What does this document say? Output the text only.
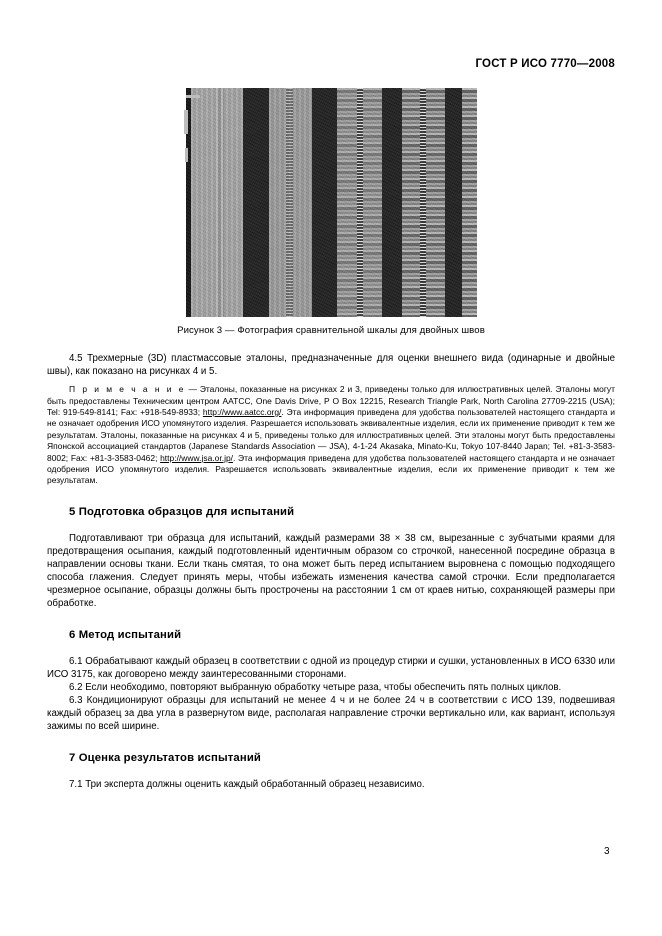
ГОСТ Р ИСО 7770—2008
Рисунок 3 — Фотография сравнительной шкалы для двойных швов

4.5 Трехмерные (3D) пластмассовые эталоны, предназначенные для оценки внешнего вида (одинарные и двойные швы), как показано на рисунках 4 и 5.

П р и м е ч а н и е — Эталоны, показанные на рисунках 2 и 3, приведены только для иллюстративных целей. Эталоны могут быть предоставлены Техническим центром AATCC, One Davis Drive, P O Box 12215, Research Triangle Park, North Carolina 27709-2215 (USA); Tel: 919-549-8141; Fax: +918-549-8933; http://www.aatcc.org/. Эта информация приведена для удобства пользователей настоящего стандарта и не означает одобрения ИСО упомянутого изделия. Разрешается использовать эквивалентные изделия, если их применение приводит к тем же результатам. Эталоны, показанные на рисунках 4 и 5, приведены только для иллюстративных целей. Эти эталоны могут быть предоставлены Японской ассоциацией стандартов (Japanese Standards Association — JSA), 4-1-24 Akasaka, Minato-Ku, Tokyo 107-8440 Japan; Tel. +81-3-3583-8002; Fax: +81-3-3583-0462; http://www.jsa.or.jp/. Эта информация приведена для удобства пользователей настоящего стандарта и не означает одобрения ИСО упомянутого изделия. Разрешается использовать эквивалентные изделия, если их применение приводит к тем же результатам.

5 Подготовка образцов для испытаний

Подготавливают три образца для испытаний, каждый размерами 38 × 38 см, вырезанные с зубчатыми краями для предотвращения осыпания, каждый подготовленный идентичным образом со строчкой, нанесенной посредине образца в направлении основы ткани. Если ткань смятая, то она может быть перед испытанием выровнена с помощью подходящего способа глажения. Следует принять меры, чтобы избежать изменения качества самой строчки. Если предполагается чрезмерное осыпание, образцы должны быть прострочены на расстоянии 1 см от краев нитью, сохраняющей размеры при обработке.

6 Метод испытаний

6.1 Обрабатывают каждый образец в соответствии с одной из процедур стирки и сушки, установленных в ИСО 6330 или ИСО 3175, как договорено между заинтересованными сторонами.

6.2 Если необходимо, повторяют выбранную обработку четыре раза, чтобы обеспечить пять полных циклов.

6.3 Кондиционируют образцы для испытаний не менее 4 ч и не более 24 ч в соответствии с ИСО 139, подвешивая каждый образец за два угла в развернутом виде, располагая направление строчки вертикально или, как вариант, используя зажимы по всей ширине.

7 Оценка результатов испытаний

7.1 Три эксперта должны оценить каждый обработанный образец независимо.

3
